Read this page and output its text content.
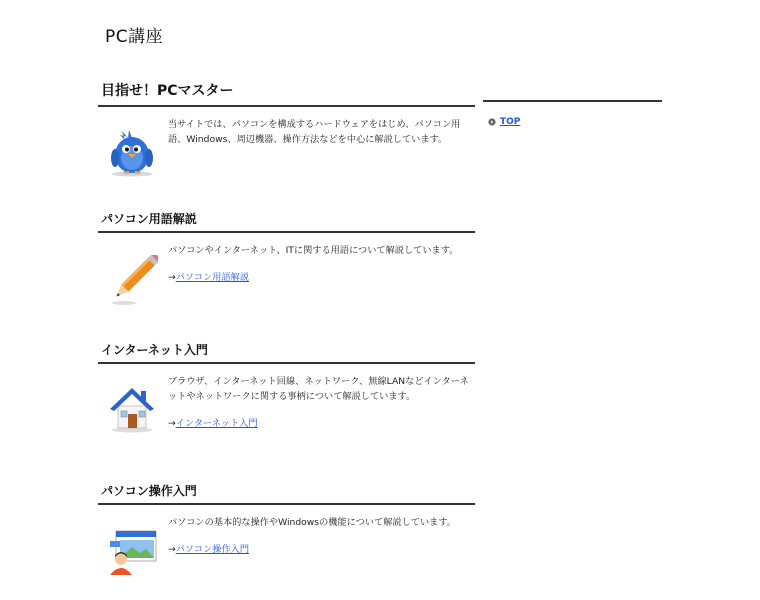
PC講座
目指せ！PCマスター

当サイトでは、パソコンを構成するハードウェアをはじめ、パソコン用語、Windows、周辺機器、操作方法などを中心に解説しています。

パソコン用語解説

パソコンやインターネット、ITに関する用語について解説しています。

→パソコン用語解説
インターネット入門

ブラウザ、インターネット回線、ネットワーク、無線LANなどインターネットやネットワークに関する事柄について解説しています。

→インターネット入門
パソコン操作入門

パソコンの基本的な操作やWindowsの機能について解説しています。

→パソコン操作入門
TOP
